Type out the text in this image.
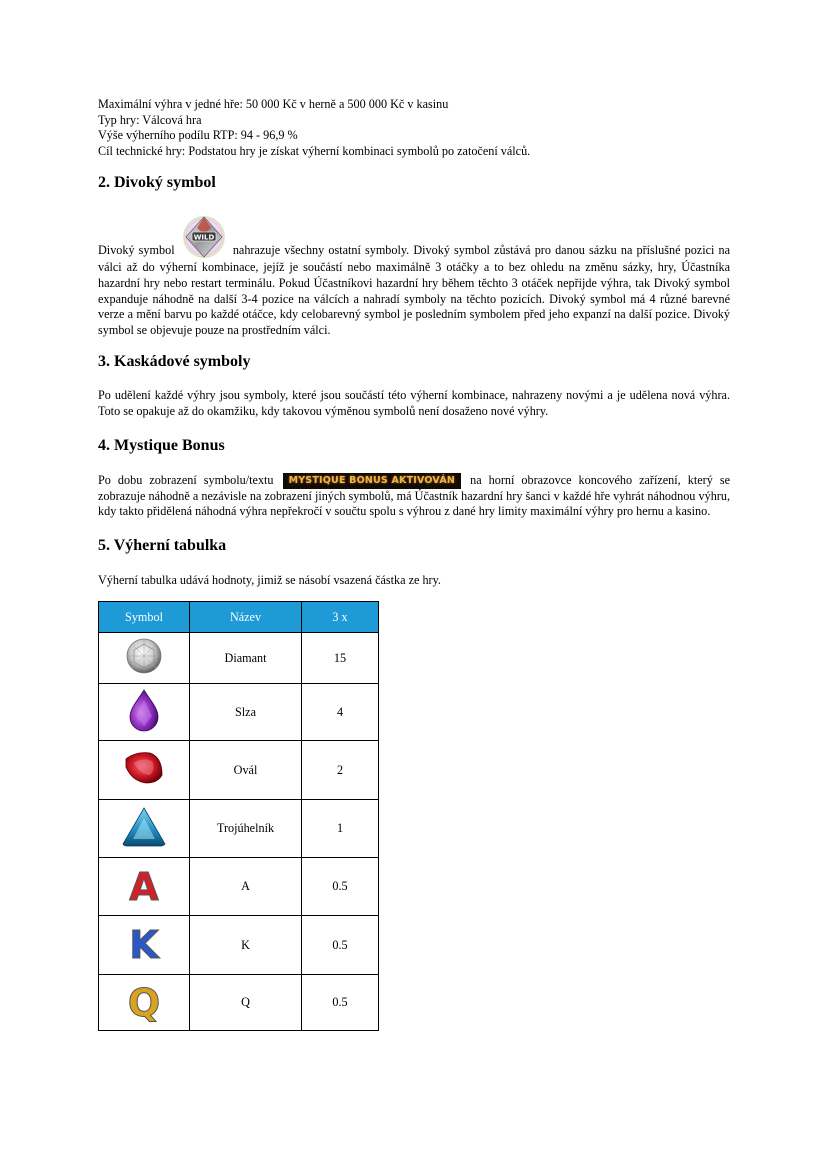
Maximální výhra v jedné hře: 50 000 Kč v herně a 500 000 Kč v kasinu

Typ hry: Válcová hra

Výše výherního podílu RTP: 94 - 96,9 %

Cíl technické hry: Podstatou hry je získat výherní kombinaci symbolů po zatočení válců.

2. Divoký symbol

Divoký symbol
WILD
nahrazuje všechny ostatní symboly. Divoký symbol zůstává pro danou sázku na příslušné pozici na válci až do výherní kombinace, jejíž je součástí nebo maximálně 3 otáčky a to bez ohledu na změnu sázky, hry, Účastníka hazardní hry nebo restart terminálu. Pokud Účastníkovi hazardní hry během těchto 3 otáček nepřijde výhra, tak Divoký symbol expanduje náhodně na další 3-4 pozice na válcích a nahradí symboly na těchto pozicích. Divoký symbol má 4 různé barevné verze a mění barvu po každé otáčce, kdy celobarevný symbol je posledním symbolem před jeho expanzí na další pozice. Divoký symbol se objevuje pouze na prostředním válci.

3. Kaskádové symboly

Po udělení každé výhry jsou symboly, které jsou součástí této výherní kombinace, nahrazeny novými a je udělena nová výhra. Toto se opakuje až do okamžiku, kdy takovou výměnou symbolů není dosaženo nové výhry.

4. Mystique Bonus

Po dobu zobrazení symbolu/textu MYSTIQUE BONUS AKTIVOVÁN na horní obrazovce koncového zařízení, který se zobrazuje náhodně a nezávisle na zobrazení jiných symbolů, má Účastník hazardní hry šanci v každé hře vyhrát náhodnou výhru, kdy takto přidělená náhodná výhra nepřekročí v součtu spolu s výhrou z dané hry limity maximální výhry pro hernu a kasino.

5. Výherní tabulka

Výherní tabulka udává hodnoty, jimiž se násobí vsazená částka ze hry.

Symbol	Název	3 x
	Diamant	15
	Slza	4
	Ovál	2
	Trojúhelník	1
A	A	0.5
K	K	0.5
Q	Q	0.5
